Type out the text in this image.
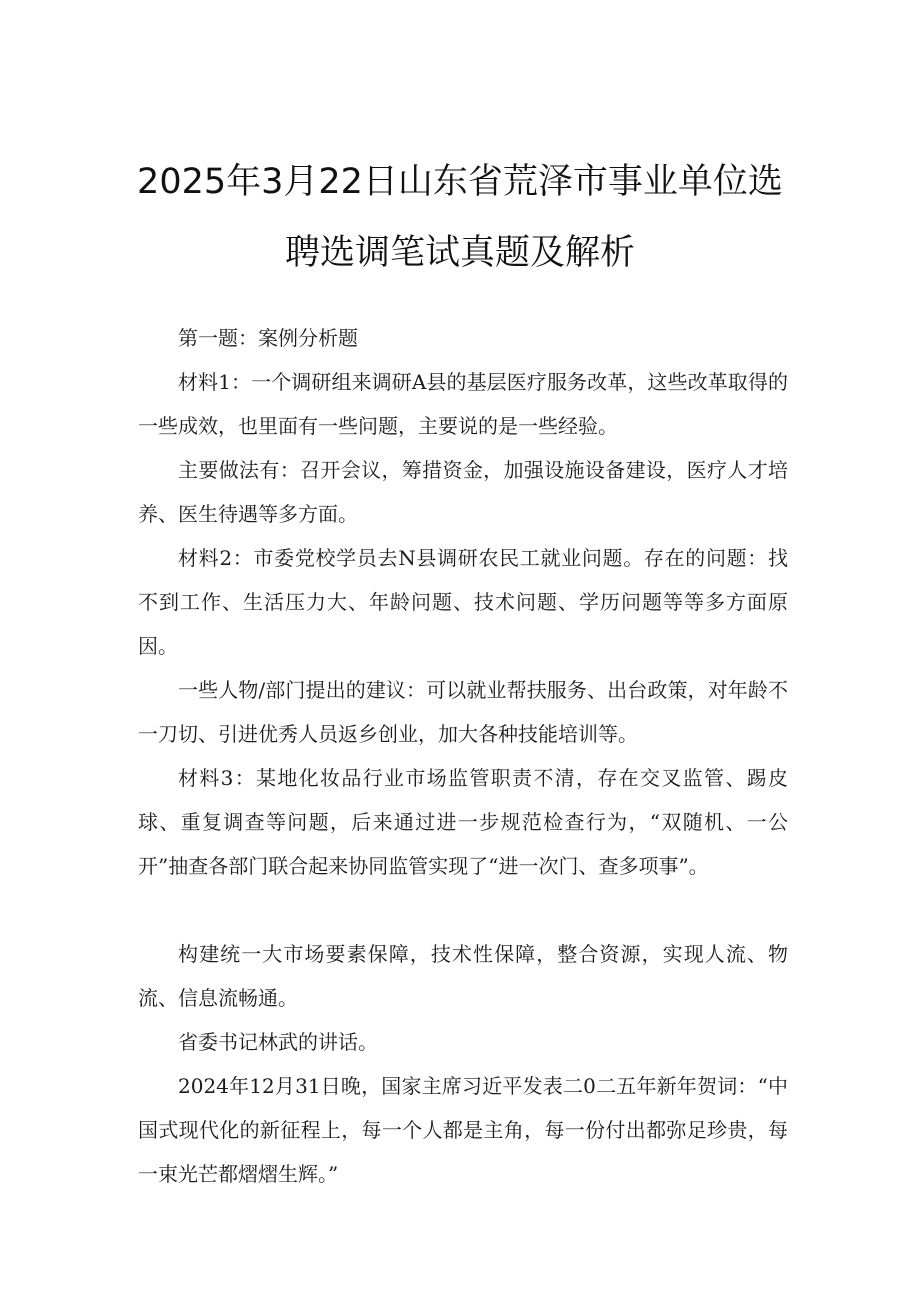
2025年3月22日山东省荒泽市事业单位选
聘选调笔试真题及解析

第一题：案例分析题

材料1：一个调研组来调研A县的基层医疗服务改革，这些改革取得的一些成效，也里面有一些问题，主要说的是一些经验。

主要做法有：召开会议，筹措资金，加强设施设备建设，医疗人才培养、医生待遇等多方面。

材料2：市委党校学员去N县调研农民工就业问题。存在的问题：找不到工作、生活压力大、年龄问题、技术问题、学历问题等等多方面原因。

一些人物/部门提出的建议：可以就业帮扶服务、出台政策，对年龄不一刀切、引进优秀人员返乡创业，加大各种技能培训等。

材料3：某地化妆品行业市场监管职责不清，存在交叉监管、踢皮球、重复调查等问题，后来通过进一步规范检查行为，“双随机、一公开”抽查各部门联合起来协同监管实现了“进一次门、查多项事”。

构建统一大市场要素保障，技术性保障，整合资源，实现人流、物流、信息流畅通。

省委书记林武的讲话。

2024年12月31日晚，国家主席习近平发表二0二五年新年贺词：“中国式现代化的新征程上，每一个人都是主角，每一份付出都弥足珍贵，每一束光芒都熠熠生辉。”
